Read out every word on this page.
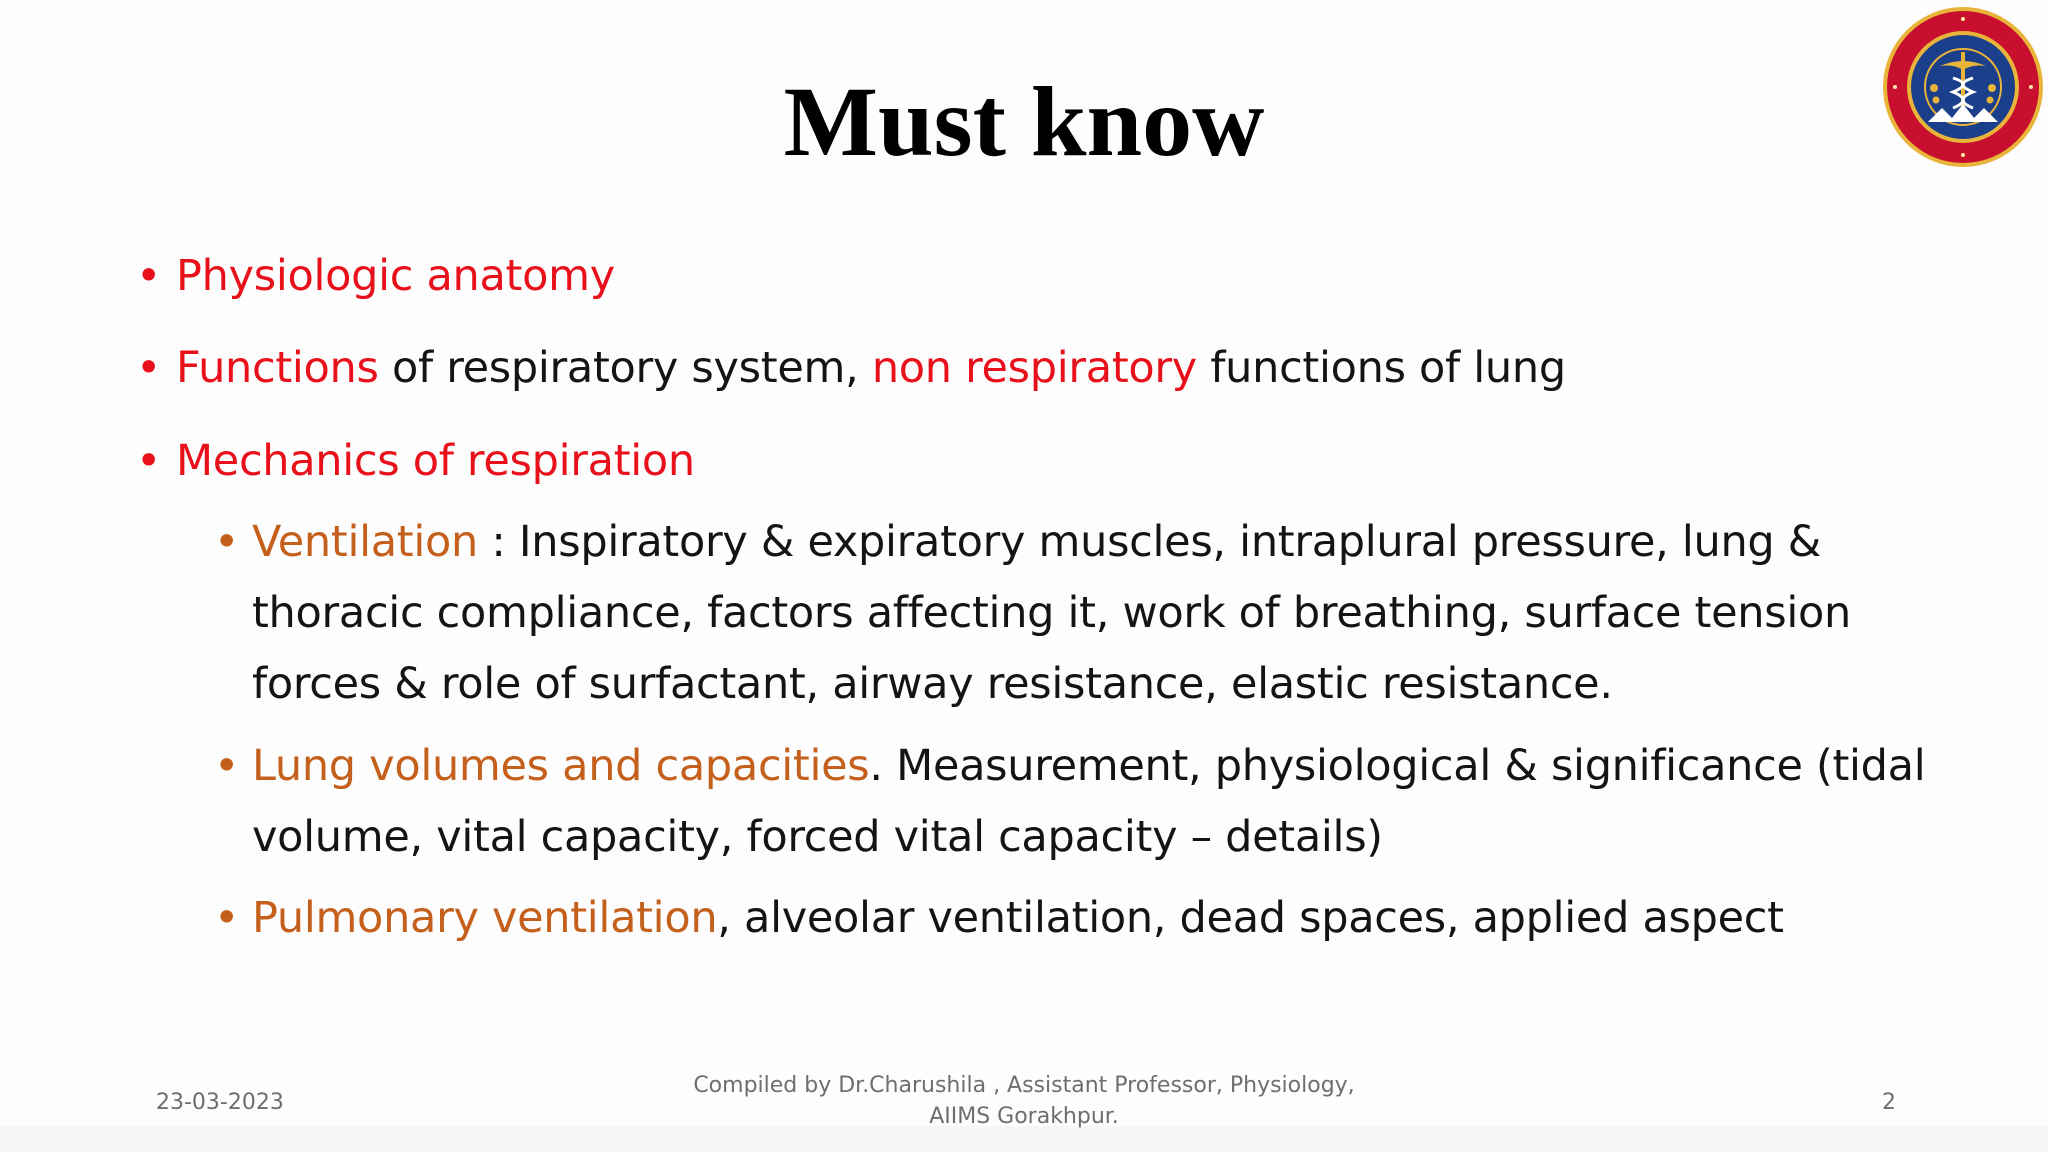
Must know
• Physiologic anatomy

• Functions of respiratory system, non respiratory functions of lung

• Mechanics of respiration

• Ventilation : Inspiratory & expiratory muscles, intraplural pressure, lung &

thoracic compliance, factors affecting it, work of breathing, surface tension

forces & role of surfactant, airway resistance, elastic resistance.

• Lung volumes and capacities. Measurement, physiological & significance (tidal

volume, vital capacity, forced vital capacity – details)

• Pulmonary ventilation, alveolar ventilation, dead spaces, applied aspect

23-03-2023
Compiled by Dr.Charushila , Assistant Professor, Physiology,
AIIMS Gorakhpur.
2
